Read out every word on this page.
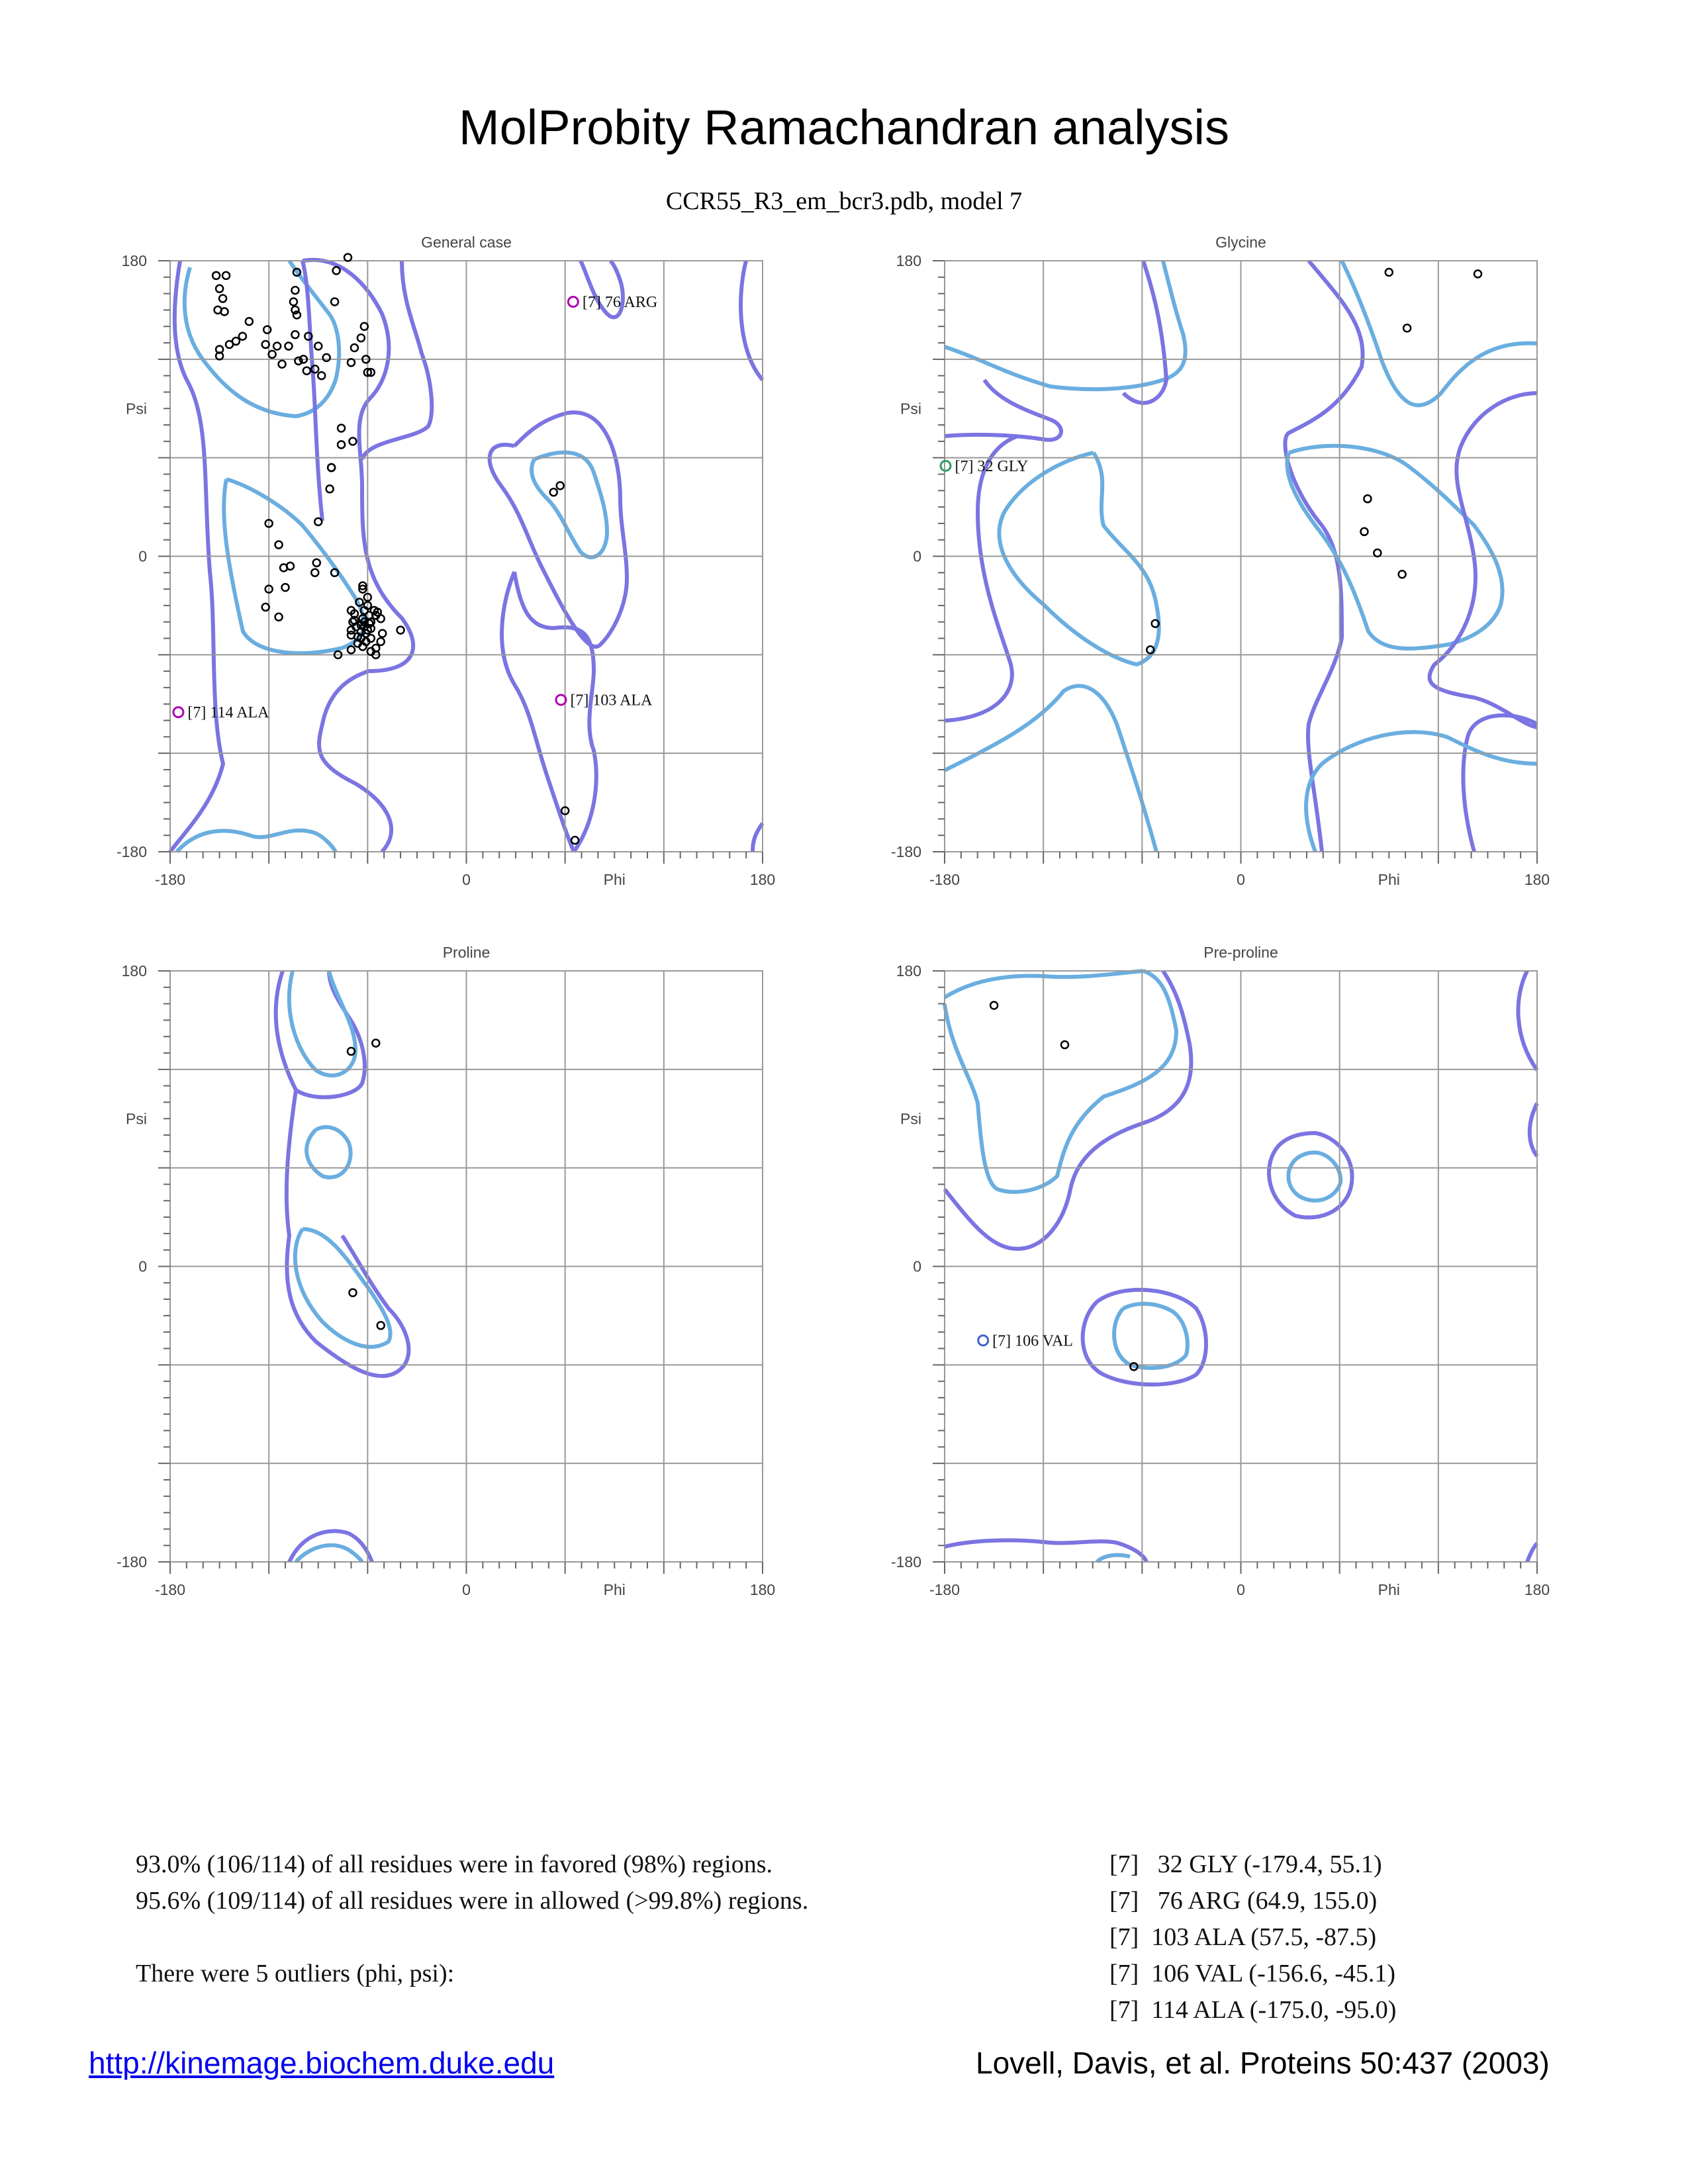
MolProbity Ramachandran analysis
CCR55_R3_em_bcr3.pdb, model 7
General case
-180	0	Phi	180
180
Psi
0
-180
[7] 76 ARG
[7] 103 ALA
[7] 114 ALA
Glycine
-180	0	Phi	180
180
Psi
0
-180
[7] 32 GLY
Proline
-180	0	Phi	180
180
Psi
0
-180
Pre-proline
-180	0	Phi	180
180
Psi
0
-180
[7] 106 VAL
93.0% (106/114) of all residues were in favored (98%) regions.
95.6% (109/114) of all residues were in allowed (>99.8%) regions.
There were 5 outliers (phi, psi):
[7]   32 GLY (-179.4, 55.1)
[7]   76 ARG (64.9, 155.0)
[7]  103 ALA (57.5, -87.5)
[7]  106 VAL (-156.6, -45.1)
[7]  114 ALA (-175.0, -95.0)
http://kinemage.biochem.duke.edu	Lovell, Davis, et al. Proteins 50:437 (2003)
